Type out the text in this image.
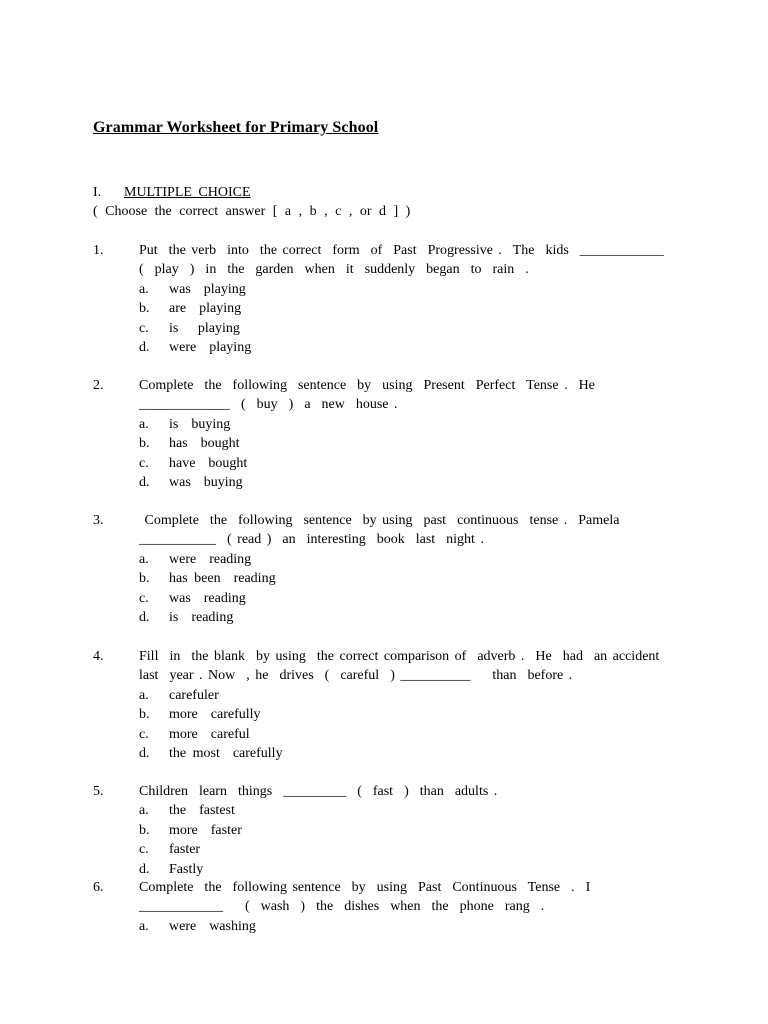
Grammar Worksheet for Primary School
I. MULTIPLE CHOICE
( Choose the correct answer [ a , b , c , or d ] )
1.	Put  the verb  into  the correct  form  of  Past  Progressive .  The  kids  ____________
(  play  )  in  the  garden  when  it  suddenly  began  to  rain  .
a. was  playing
b. are  playing
c. is   playing
d. were  playing
2.	Complete  the  following  sentence  by  using  Present  Perfect  Tense .  He
_____________  (  buy  )  a  new  house .
a. is  buying
b. has  bought
c. have  bought
d. was  buying
3.	Complete  the  following  sentence  by using  past  continuous  tense .  Pamela
___________  ( read )  an  interesting  book  last  night .
a. were  reading
b. has been  reading
c. was  reading
d. is  reading
4.	Fill  in  the blank  by using  the correct comparison of  adverb .  He  had  an accident
last  year . Now  , he  drives  (  careful  ) __________    than  before .
a. carefuler
b. more  carefully
c. more  careful
d. the most  carefully
5.	Children  learn  things  _________  (  fast  )  than  adults .
a. the  fastest
b. more  faster
c. faster
d. Fastly
6.	Complete  the  following sentence  by  using  Past  Continuous  Tense  .  I
____________    (  wash  )  the  dishes  when  the  phone  rang  .
a. were  washing
